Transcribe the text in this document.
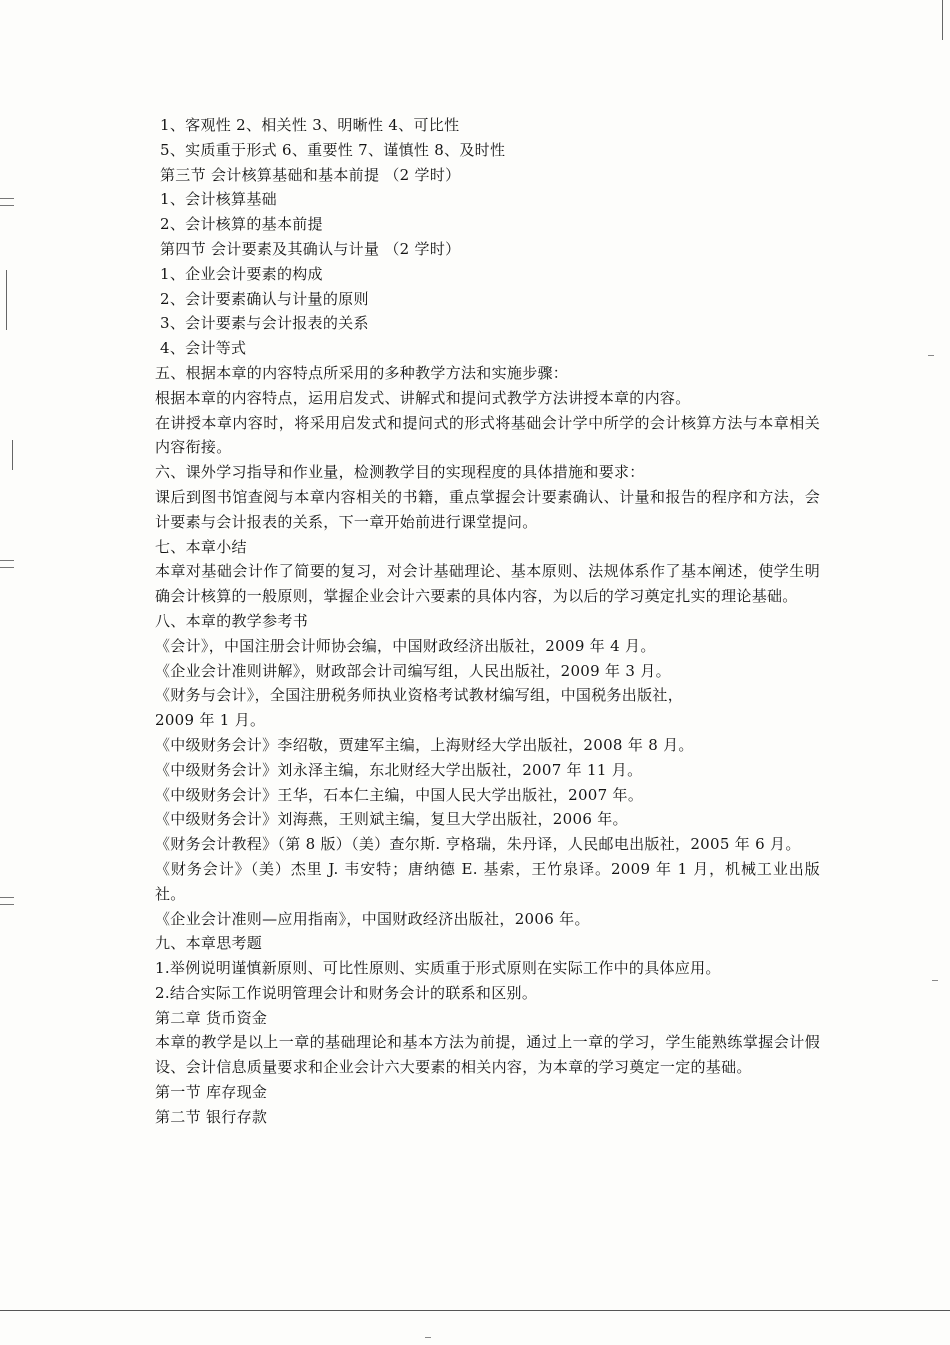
1、客观性 2、相关性 3、明晰性 4、可比性
5、实质重于形式 6、重要性 7、谨慎性 8、及时性
第三节 会计核算基础和基本前提 （2 学时）
1、会计核算基础
2、会计核算的基本前提
第四节 会计要素及其确认与计量 （2 学时）
1、企业会计要素的构成
2、会计要素确认与计量的原则
3、会计要素与会计报表的关系
4、会计等式
五、根据本章的内容特点所采用的多种教学方法和实施步骤：
根据本章的内容特点，运用启发式、讲解式和提问式教学方法讲授本章的内容。
在讲授本章内容时，将采用启发式和提问式的形式将基础会计学中所学的会计核算方法与本章相关内容衔接。
六、课外学习指导和作业量，检测教学目的实现程度的具体措施和要求：
课后到图书馆查阅与本章内容相关的书籍，重点掌握会计要素确认、计量和报告的程序和方法，会计要素与会计报表的关系，下一章开始前进行课堂提问。
七、本章小结
本章对基础会计作了简要的复习，对会计基础理论、基本原则、法规体系作了基本阐述，使学生明确会计核算的一般原则，掌握企业会计六要素的具体内容，为以后的学习奠定扎实的理论基础。
八、本章的教学参考书
《会计》，中国注册会计师协会编，中国财政经济出版社，2009 年 4 月。
《企业会计准则讲解》，财政部会计司编写组，人民出版社，2009 年 3 月。
《财务与会计》，全国注册税务师执业资格考试教材编写组，中国税务出版社，
2009 年 1 月。
《中级财务会计》李绍敬，贾建军主编，上海财经大学出版社，2008 年 8 月。
《中级财务会计》刘永泽主编，东北财经大学出版社，2007 年 11 月。
《中级财务会计》王华，石本仁主编，中国人民大学出版社，2007 年。
《中级财务会计》刘海燕，王则斌主编，复旦大学出版社，2006 年。
《财务会计教程》（第 8 版）（美）查尔斯. 亨格瑞，朱丹译，人民邮电出版社，2005 年 6 月。
《财务会计》（美）杰里 J. 韦安特；唐纳德 E. 基索，王竹泉译。2009 年 1 月，机械工业出版社。
《企业会计准则—应用指南》，中国财政经济出版社，2006 年。
九、本章思考题
1.举例说明谨慎新原则、可比性原则、实质重于形式原则在实际工作中的具体应用。
2.结合实际工作说明管理会计和财务会计的联系和区别。
第二章 货币资金
本章的教学是以上一章的基础理论和基本方法为前提，通过上一章的学习，学生能熟练掌握会计假设、会计信息质量要求和企业会计六大要素的相关内容，为本章的学习奠定一定的基础。
第一节 库存现金
第二节 银行存款
